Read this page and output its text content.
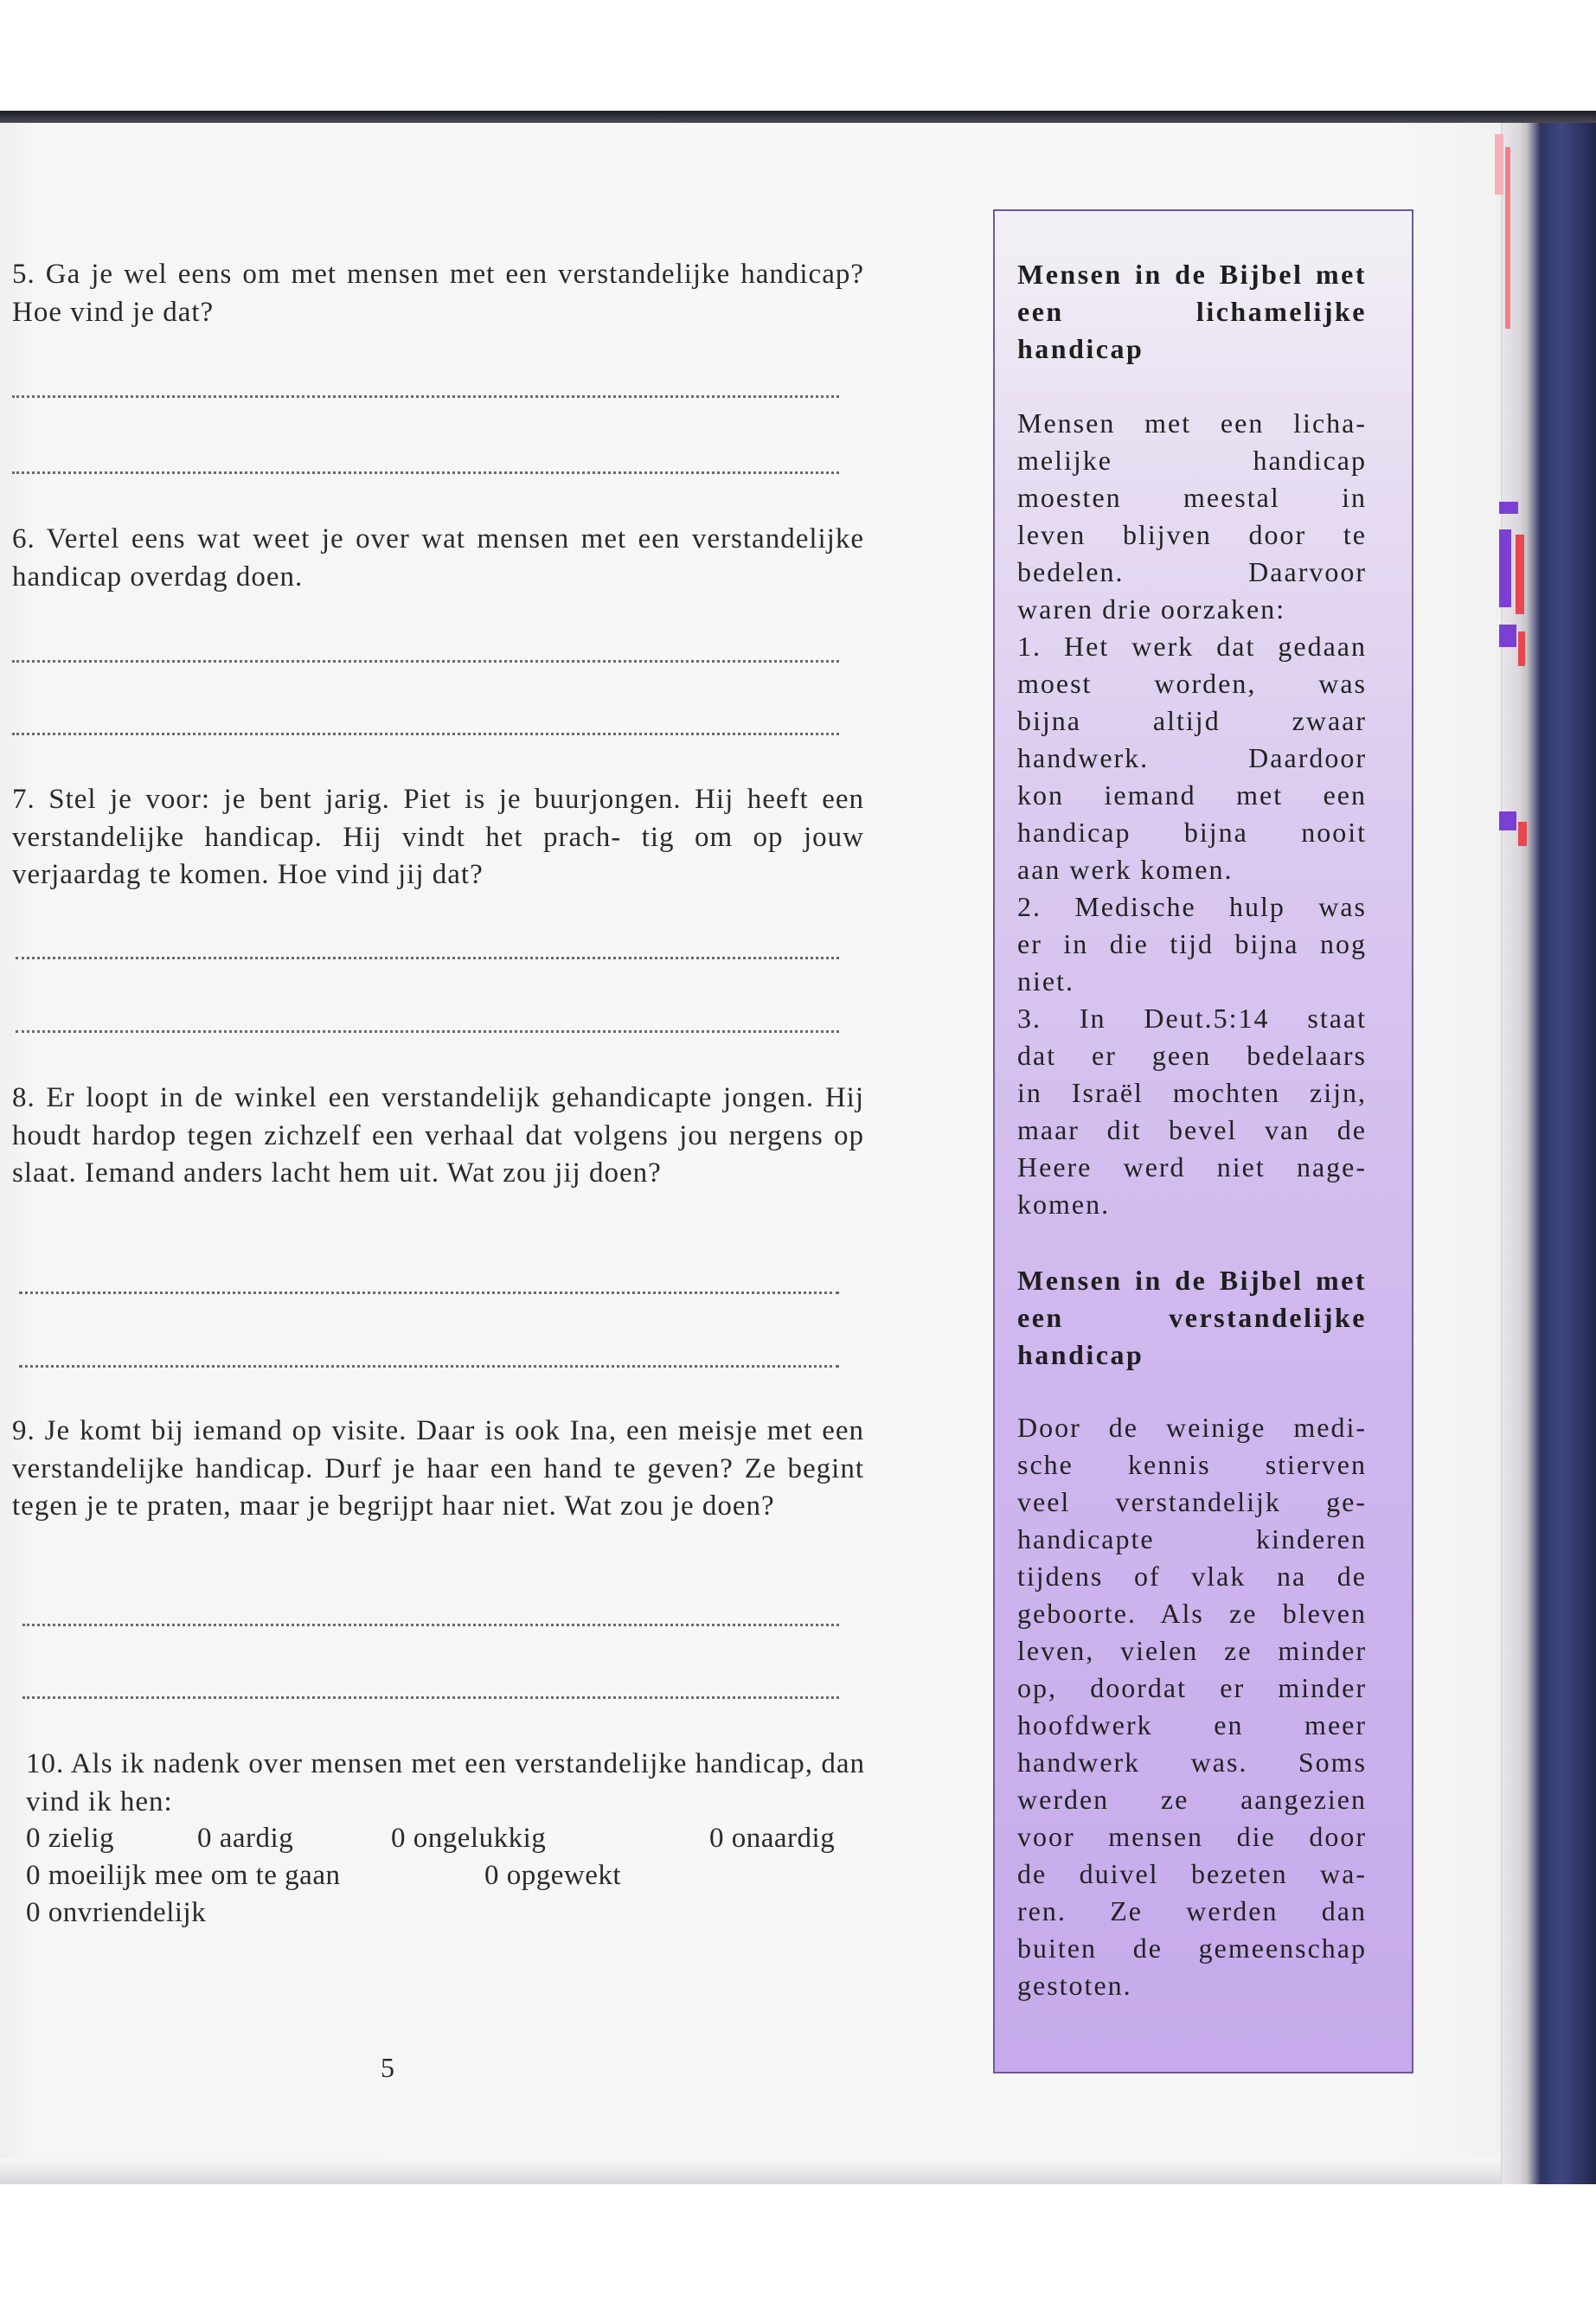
5. Ga je wel eens om met mensen met een verstandelijke handicap? Hoe vind je dat?

6. Vertel eens wat weet je over wat mensen met een verstandelijke handicap overdag doen.

7. Stel je voor: je bent jarig. Piet is je buurjongen. Hij heeft een verstandelijke handicap. Hij vindt het prach- tig om op jouw verjaardag te komen. Hoe vind jij dat?

8. Er loopt in de winkel een verstandelijk gehandicapte jongen. Hij houdt hardop tegen zichzelf een verhaal dat volgens jou nergens op slaat. Iemand anders lacht hem uit. Wat zou jij doen?

9. Je komt bij iemand op visite. Daar is ook Ina, een meisje met een verstandelijke handicap. Durf je haar een hand te geven? Ze begint tegen je te praten, maar je begrijpt haar niet. Wat zou je doen?

10. Als ik nadenk over mensen met een verstandelijke handicap, dan vind ik hen:

0 zielig	0 aardig	0 ongelukkig	0 onaardig
0 moeilijk mee om te gaan	0 opgewekt
0 onvriendelijk
5

Mensen in de Bijbel met een lichamelijke handicap

Mensen met een licha-
melijke handicap
moesten meestal in
leven blijven door te
bedelen. Daarvoor
waren drie oorzaken:
1. Het werk dat gedaan
moest worden, was
bijna altijd zwaar
handwerk. Daardoor
kon iemand met een
handicap bijna nooit
aan werk komen.
2. Medische hulp was
er in die tijd bijna nog
niet.
3. In Deut.5:14 staat
dat er geen bedelaars
in Israël mochten zijn,
maar dit bevel van de
Heere werd niet nage-
komen.

Mensen in de Bijbel met een verstandelijke handicap

Door de weinige medi-
sche kennis stierven
veel verstandelijk ge-
handicapte kinderen
tijdens of vlak na de
geboorte. Als ze bleven
leven, vielen ze minder
op, doordat er minder
hoofdwerk en meer
handwerk was. Soms
werden ze aangezien
voor mensen die door
de duivel bezeten wa-
ren. Ze werden dan
buiten de gemeenschap
gestoten.
